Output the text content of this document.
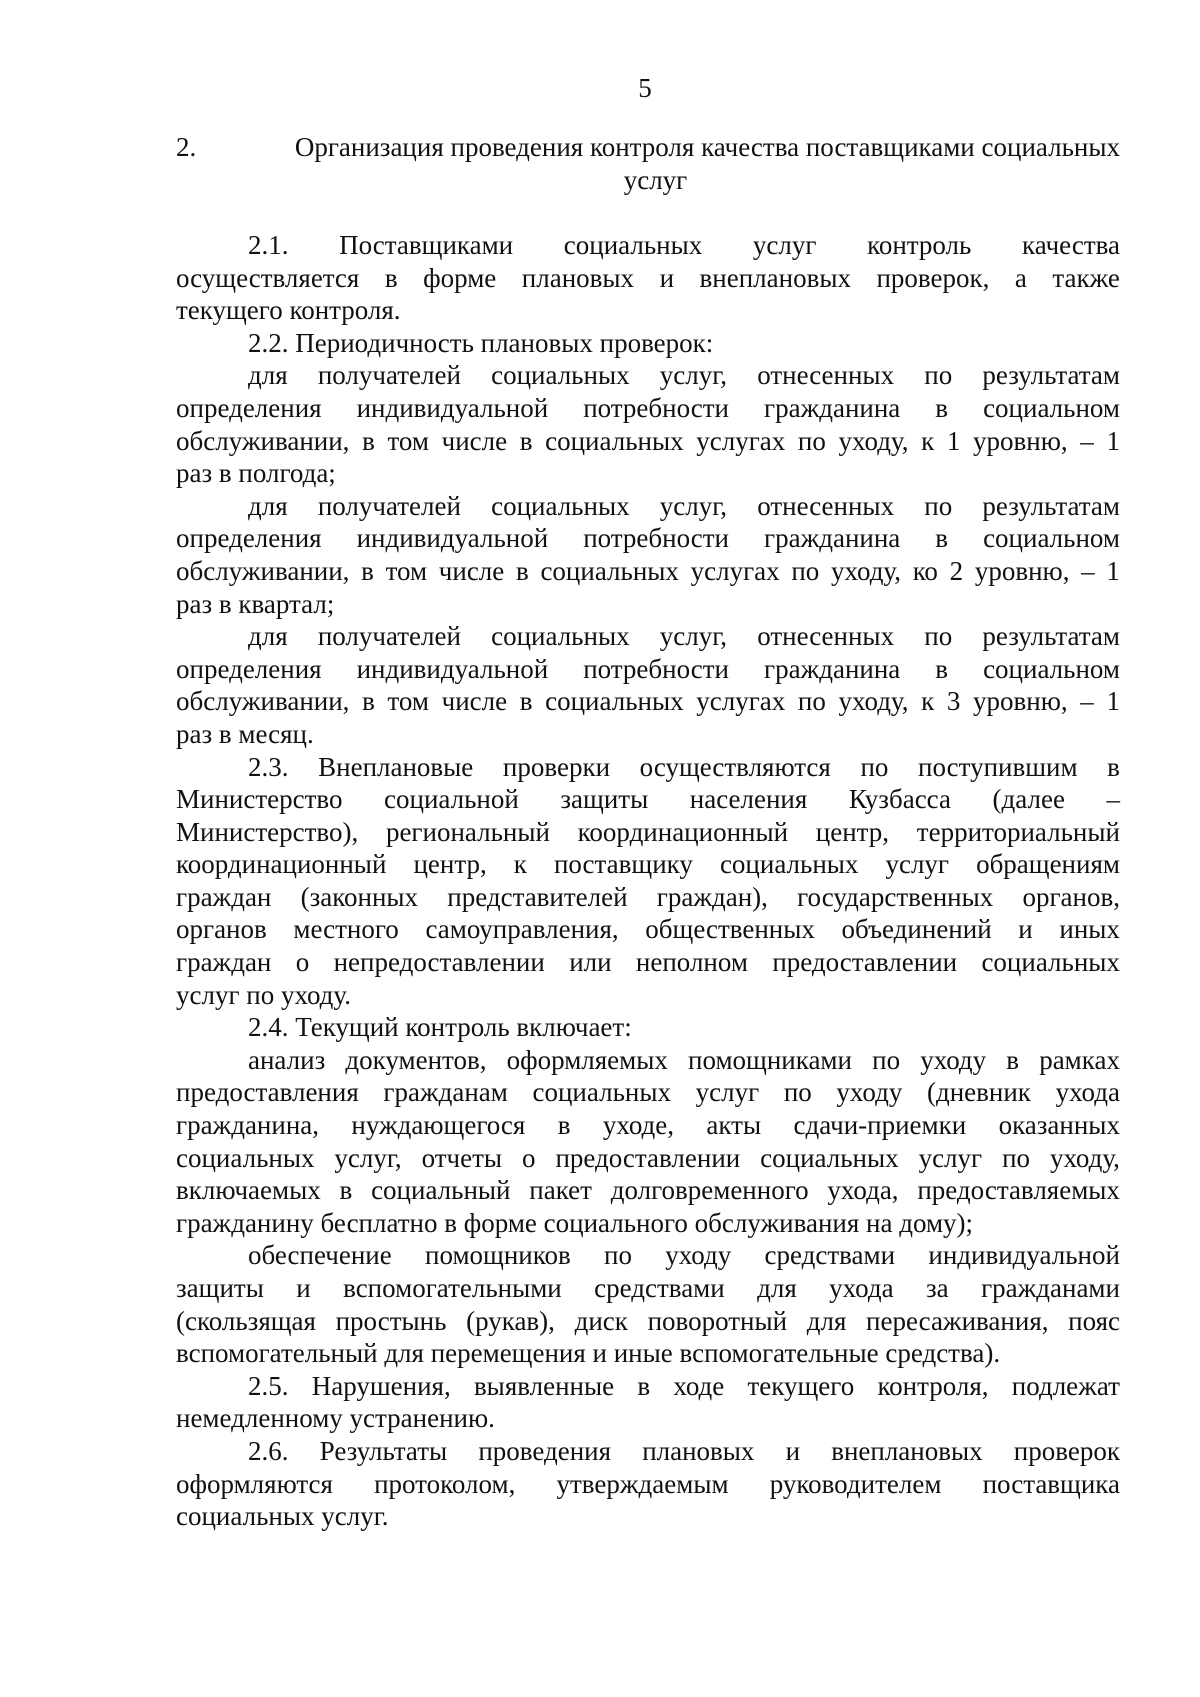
5
2.	Организация проведения контроля качества поставщиками социальных
услуг
2.1. Поставщиками социальных услуг контроль качества
осуществляется в форме плановых и внеплановых проверок, а также
текущего контроля.
2.2. Периодичность плановых проверок:
для получателей социальных услуг, отнесенных по результатам
определения индивидуальной потребности гражданина в социальном
обслуживании, в том числе в социальных услугах по уходу, к 1 уровню, – 1
раз в полгода;
для получателей социальных услуг, отнесенных по результатам
определения индивидуальной потребности гражданина в социальном
обслуживании, в том числе в социальных услугах по уходу, ко 2 уровню, – 1
раз в квартал;
для получателей социальных услуг, отнесенных по результатам
определения индивидуальной потребности гражданина в социальном
обслуживании, в том числе в социальных услугах по уходу, к 3 уровню, – 1
раз в месяц.
2.3. Внеплановые проверки осуществляются по поступившим в
Министерство социальной защиты населения Кузбасса (далее –
Министерство), региональный координационный центр, территориальный
координационный центр, к поставщику социальных услуг обращениям
граждан (законных представителей граждан), государственных органов,
органов местного самоуправления, общественных объединений и иных
граждан о непредоставлении или неполном предоставлении социальных
услуг по уходу.
2.4. Текущий контроль включает:
анализ документов, оформляемых помощниками по уходу в рамках
предоставления гражданам социальных услуг по уходу (дневник ухода
гражданина, нуждающегося в уходе, акты сдачи-приемки оказанных
социальных услуг, отчеты о предоставлении социальных услуг по уходу,
включаемых в социальный пакет долговременного ухода, предоставляемых
гражданину бесплатно в форме социального обслуживания на дому);
обеспечение помощников по уходу средствами индивидуальной
защиты и вспомогательными средствами для ухода за гражданами
(скользящая простынь (рукав), диск поворотный для пересаживания, пояс
вспомогательный для перемещения и иные вспомогательные средства).
2.5. Нарушения, выявленные в ходе текущего контроля, подлежат
немедленному устранению.
2.6. Результаты проведения плановых и внеплановых проверок
оформляются протоколом, утверждаемым руководителем поставщика
социальных услуг.
